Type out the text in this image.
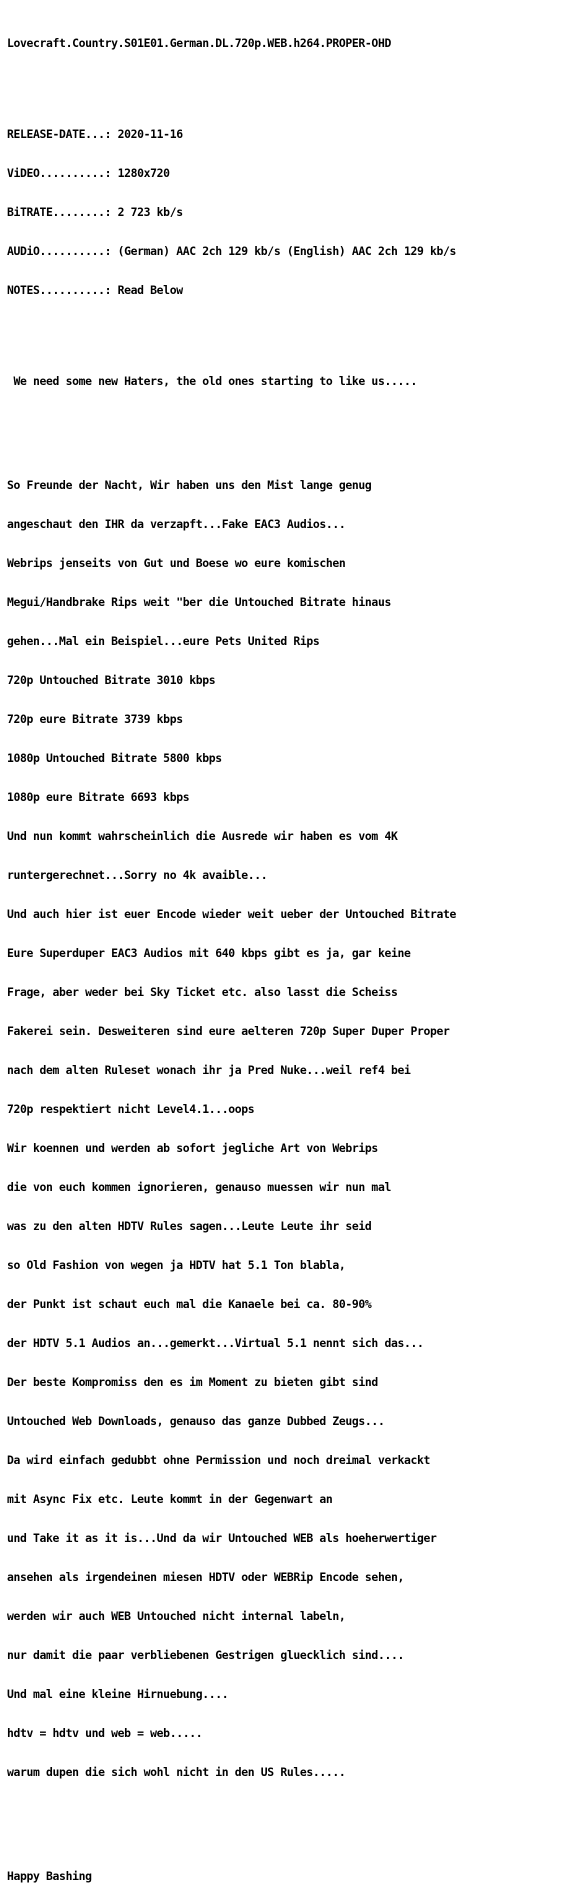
Lovecraft.Country.S01E01.German.DL.720p.WEB.h264.PROPER-OHD

RELEASE-DATE...: 2020-11-16

ViDEO..........: 1280x720

BiTRATE........: 2 723 kb/s

AUDiO..........: (German) AAC 2ch 129 kb/s (English) AAC 2ch 129 kb/s

NOTES..........: Read Below

We need some new Haters, the old ones starting to like us.....

So Freunde der Nacht, Wir haben uns den Mist lange genug

angeschaut den IHR da verzapft...Fake EAC3 Audios...

Webrips jenseits von Gut und Boese wo eure komischen

Megui/Handbrake Rips weit "ber die Untouched Bitrate hinaus

gehen...Mal ein Beispiel...eure Pets United Rips

720p Untouched Bitrate 3010 kbps

720p eure Bitrate 3739 kbps

1080p Untouched Bitrate 5800 kbps

1080p eure Bitrate 6693 kbps

Und nun kommt wahrscheinlich die Ausrede wir haben es vom 4K

runtergerechnet...Sorry no 4k avaible...

Und auch hier ist euer Encode wieder weit ueber der Untouched Bitrate

Eure Superduper EAC3 Audios mit 640 kbps gibt es ja, gar keine

Frage, aber weder bei Sky Ticket etc. also lasst die Scheiss

Fakerei sein. Desweiteren sind eure aelteren 720p Super Duper Proper

nach dem alten Ruleset wonach ihr ja Pred Nuke...weil ref4 bei

720p respektiert nicht Level4.1...oops

Wir koennen und werden ab sofort jegliche Art von Webrips

die von euch kommen ignorieren, genauso muessen wir nun mal

was zu den alten HDTV Rules sagen...Leute Leute ihr seid

so Old Fashion von wegen ja HDTV hat 5.1 Ton blabla,

der Punkt ist schaut euch mal die Kanaele bei ca. 80-90%

der HDTV 5.1 Audios an...gemerkt...Virtual 5.1 nennt sich das...

Der beste Kompromiss den es im Moment zu bieten gibt sind

Untouched Web Downloads, genauso das ganze Dubbed Zeugs...

Da wird einfach gedubbt ohne Permission und noch dreimal verkackt

mit Async Fix etc. Leute kommt in der Gegenwart an

und Take it as it is...Und da wir Untouched WEB als hoeherwertiger

ansehen als irgendeinen miesen HDTV oder WEBRip Encode sehen,

werden wir auch WEB Untouched nicht internal labeln,

nur damit die paar verbliebenen Gestrigen gluecklich sind....

Und mal eine kleine Hirnuebung....

hdtv = hdtv und web = web.....

warum dupen die sich wohl nicht in den US Rules.....

Happy Bashing
